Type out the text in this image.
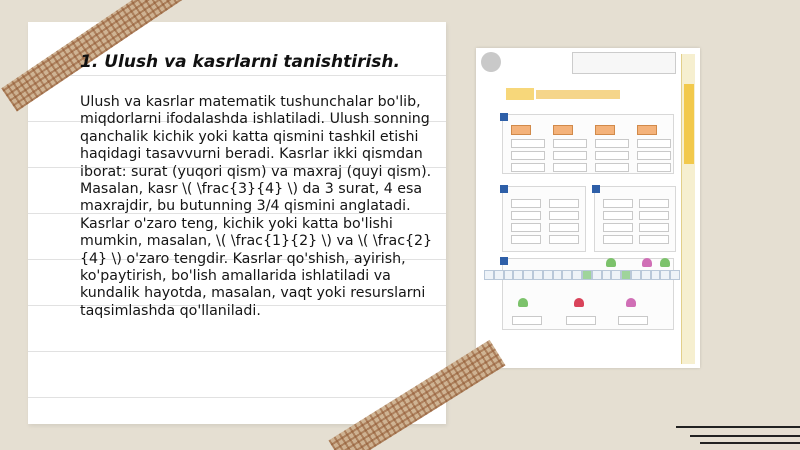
1. Ulush va kasrlarni tanishtirish.

Ulush va kasrlar matematik tushunchalar bo'lib, miqdorlarni ifodalashda ishlatiladi. Ulush sonning qanchalik kichik yoki katta qismini tashkil etishi haqidagi tasavvurni beradi. Kasrlar ikki qismdan iborat: surat (yuqori qism) va maxraj (quyi qism). Masalan, kasr \( \frac{3}{4} \) da 3 surat, 4 esa maxrajdir, bu butunning 3/4 qismini anglatadi. Kasrlar o'zaro teng, kichik yoki katta bo'lishi mumkin, masalan, \( \frac{1}{2} \) va \( \frac{2}{4} \) o'zaro tengdir. Kasrlar qo'shish, ayirish, ko'paytirish, bo'lish amallarida ishlatiladi va kundalik hayotda, masalan, vaqt yoki resurslarni taqsimlashda qo'llaniladi.
